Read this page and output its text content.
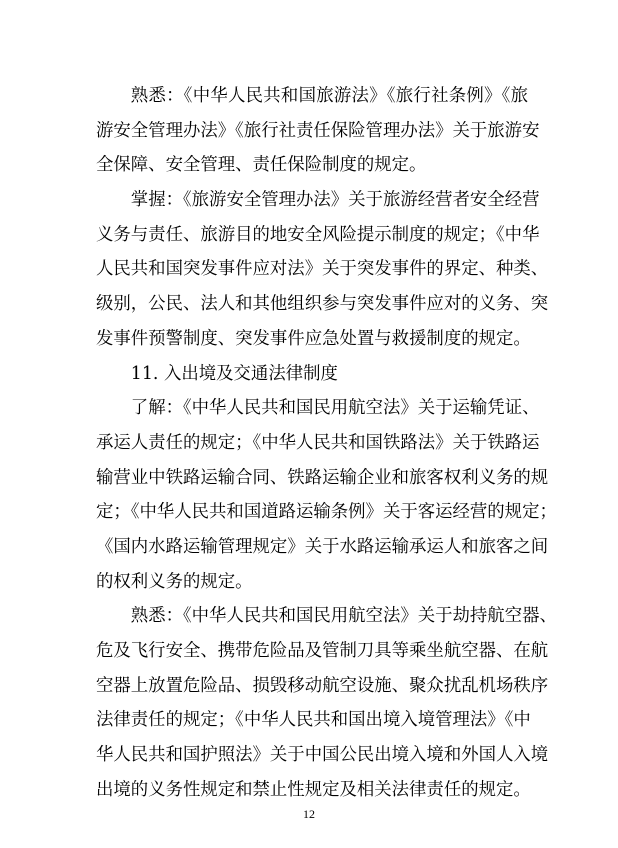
熟悉：《中华人民共和国旅游法》《旅行社条例》《旅
游安全管理办法》《旅行社责任保险管理办法》关于旅游安
全保障、安全管理、责任保险制度的规定。
掌握：《旅游安全管理办法》关于旅游经营者安全经营
义务与责任、旅游目的地安全风险提示制度的规定；《中华
人民共和国突发事件应对法》关于突发事件的界定、种类、
级别，公民、法人和其他组织参与突发事件应对的义务、突
发事件预警制度、突发事件应急处置与救援制度的规定。
11. 入出境及交通法律制度
了解：《中华人民共和国民用航空法》关于运输凭证、
承运人责任的规定；《中华人民共和国铁路法》关于铁路运
输营业中铁路运输合同、铁路运输企业和旅客权利义务的规
定；《中华人民共和国道路运输条例》关于客运经营的规定；
《国内水路运输管理规定》关于水路运输承运人和旅客之间
的权利义务的规定。
熟悉：《中华人民共和国民用航空法》关于劫持航空器、
危及飞行安全、携带危险品及管制刀具等乘坐航空器、在航
空器上放置危险品、损毁移动航空设施、聚众扰乱机场秩序
法律责任的规定；《中华人民共和国出境入境管理法》《中
华人民共和国护照法》关于中国公民出境入境和外国人入境
出境的义务性规定和禁止性规定及相关法律责任的规定。
12
